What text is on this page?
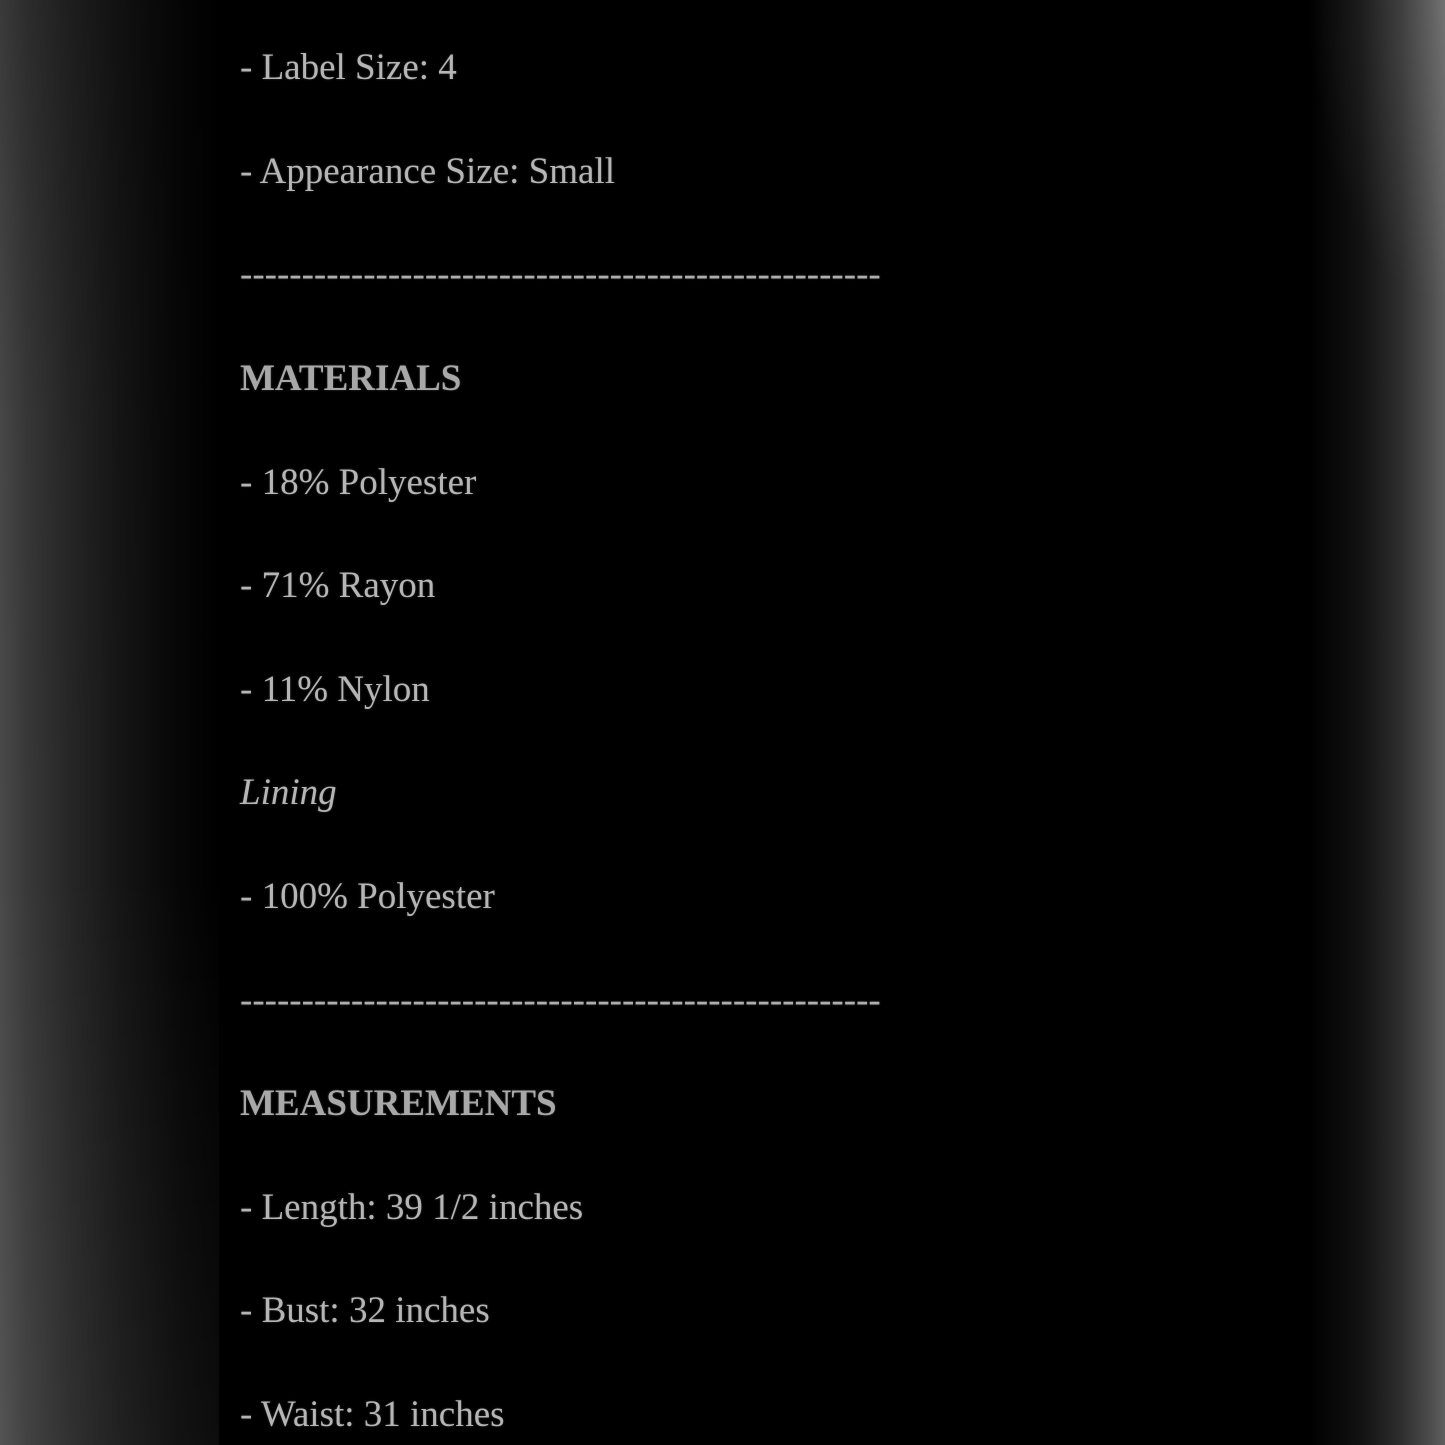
- Label Size: 4
- Appearance Size: Small
----------------------------------------------------
MATERIALS
- 18% Polyester
- 71% Rayon
- 11% Nylon
Lining
- 100% Polyester
----------------------------------------------------
MEASUREMENTS
- Length: 39 1/2 inches
- Bust: 32 inches
- Waist: 31 inches
